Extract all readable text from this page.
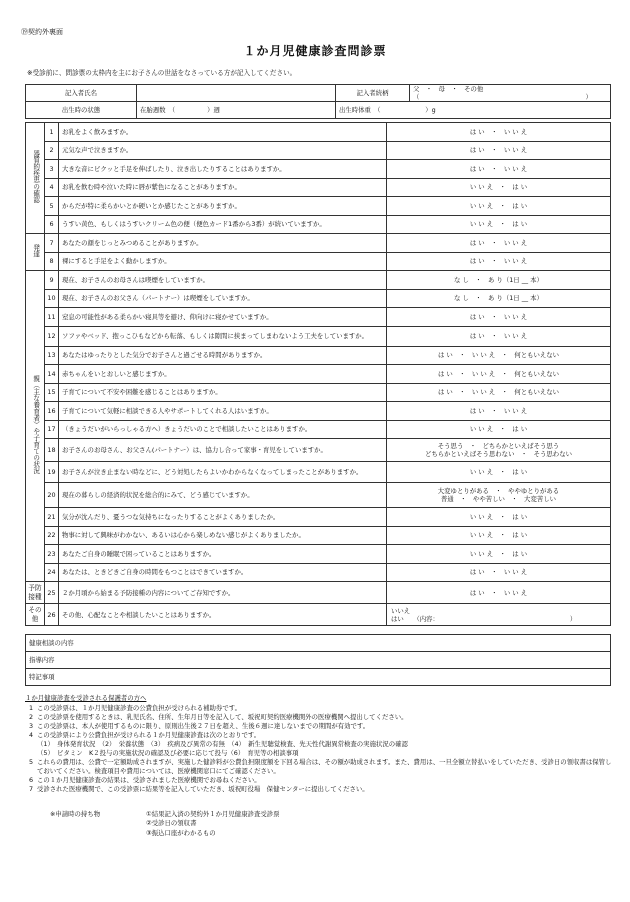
⑲契約外裏面
１か月児健康診査問診票
※受診前に、問診票の太枠内を主にお子さんの世話をなさっている方が記入してください。
記入者氏名		記入者続柄	父　・　母　・　その他（　　　　　　　　　　　　　　　　　　　　　　　　　　）
出生時の状態	在胎週数　（　　　　　）週	出生時体重　（　　　　　　　）g	
器質的疾患の確認	1	お乳をよく飲みますか。	は い　・　い い え

	2	元気な声で泣きますか。	は い　・　い い え

	3	大きな音にビクッと手足を伸ばしたり、泣き出したりすることはありますか。	は い　・　い い え

	4	お乳を飲む時や泣いた時に唇が紫色になることがありますか。	い い え　・　は い

	5	からだが特に柔らかいとか硬いとか感じたことがありますか。	い い え　・　は い

	6	うすい黄色、もしくはうすいクリーム色の便（便色カード1番から3番）が続いていますか。	い い え　・　は い

発達	7	あなたの顔をじっとみつめることがありますか。	は い　・　い い え

	8	裸にすると手足をよく動かしますか。	は い　・　い い え

親（主な養育者）や子育ての状況	9	現在、お子さんのお母さんは喫煙をしていますか。	な し　・　あ り（1日 __ 本）

	10	現在、お子さんのお父さん（パートナー）は喫煙をしていますか。	な し　・　あ り（1日 __ 本）

	11	窒息の可能性がある柔らかい寝具等を避け、仰向けに寝かせていますか。	は い　・　い い え

	12	ソファやベッド、抱っこひもなどから転落、もしくは隙間に挟まってしまわないよう工夫をしていますか。	は い　・　い い え

	13	あなたはゆったりとした気分でお子さんと過ごせる時間がありますか。	は い　・　い い え　・　何ともいえない

	14	赤ちゃんをいとおしいと感じますか。	は い　・　い い え　・　何ともいえない

	15	子育てについて不安や困難を感じることはありますか。	は い　・　い い え　・　何ともいえない

	16	子育てについて気軽に相談できる人やサポートしてくれる人はいますか。	は い　・　い い え

	17	（きょうだいがいらっしゃる方へ）きょうだいのことで相談したいことはありますか。	い い え　・　は い

	18	お子さんのお母さん、お父さん(パートナー）は、協力し合って家事・育児をしていますか。	そう思う　・　どちらかといえばそう思う
どちらかといえばそう思わない　・　そう思わない

	19	お子さんが泣き止まない時などに、どう対処したらよいかわからなくなってしまったことがありますか。	い い え　・　は い

	20	現在の暮らしの経済的状況を総合的にみて、どう感じていますか。	大変ゆとりがある　・　ややゆとりがある
普通　・　やや苦しい　・　大変苦しい

	21	気分が沈んだり、憂うつな気持ちになったりすることがよくありましたか。	い い え　・　は い

	22	物事に対して興味がわかない、あるいは心から楽しめない感じがよくありましたか。	い い え　・　は い

	23	あなたご自身の睡眠で困っていることはありますか。	い い え　・　は い

	24	あなたは、ときどきご自身の時間をもつことはできていますか。	は い　・　い い え

予防接種	25	２か月頃から始まる予防接種の内容についてご存知ですか。	は い　・　い い え

その他	26	その他、心配なことや相談したいことはありますか。	いいえ
はい　　（内容：　　　　　　　　　　　　　　　　　　　　　）
健康相談の内容
指導内容
特記事項
１か月健康診査を受診される保護者の方へ
1 この受診票は、１か月児健康診査の公費負担が受けられる補助券です。
2 この受診票を使用するときは、乳児氏名、住所、生年月日等を記入して、坂祝町契約医療機関外の医療機関へ提出してください。
3 この受診票は、本人が使用するものに限り、原則出生後２７日を超え、生後６週に達しないまでの期間が有効です。
4 この受診票により公費負担が受けられる１か月児健康診査は次のとおりです。
（1）　身体発育状況　（2）　栄養状態　（3）　疾病及び異常の有無　（4）　新生児聴覚検査、先天性代謝異常検査の実施状況の確認
（5）　ビタミン　K２投与の実施状況の確認及び必要に応じて投与（6）　育児等の相談事項
5 これらの費用は、公費で一定額助成されますが、実施した健診料が公費負担限度額を下回る場合は、その額が助成されます。また、費用は、一旦全額立替払いをしていただき、受診日の領収書は保管しておいてください。検査項目や費用については、医療機関窓口にてご確認ください。
6 この１か月児健康診査の結果は、受診されました医療機関でお尋ねください。
7 受診された医療機関で、この受診票に結果等を記入していただき、坂祝町役場　保健センターに提出してください。
※申請時の持ち物	①結果記入済の契約外１か月児健康診査受診票
②受診日の領収書
③振込口座がわかるもの
